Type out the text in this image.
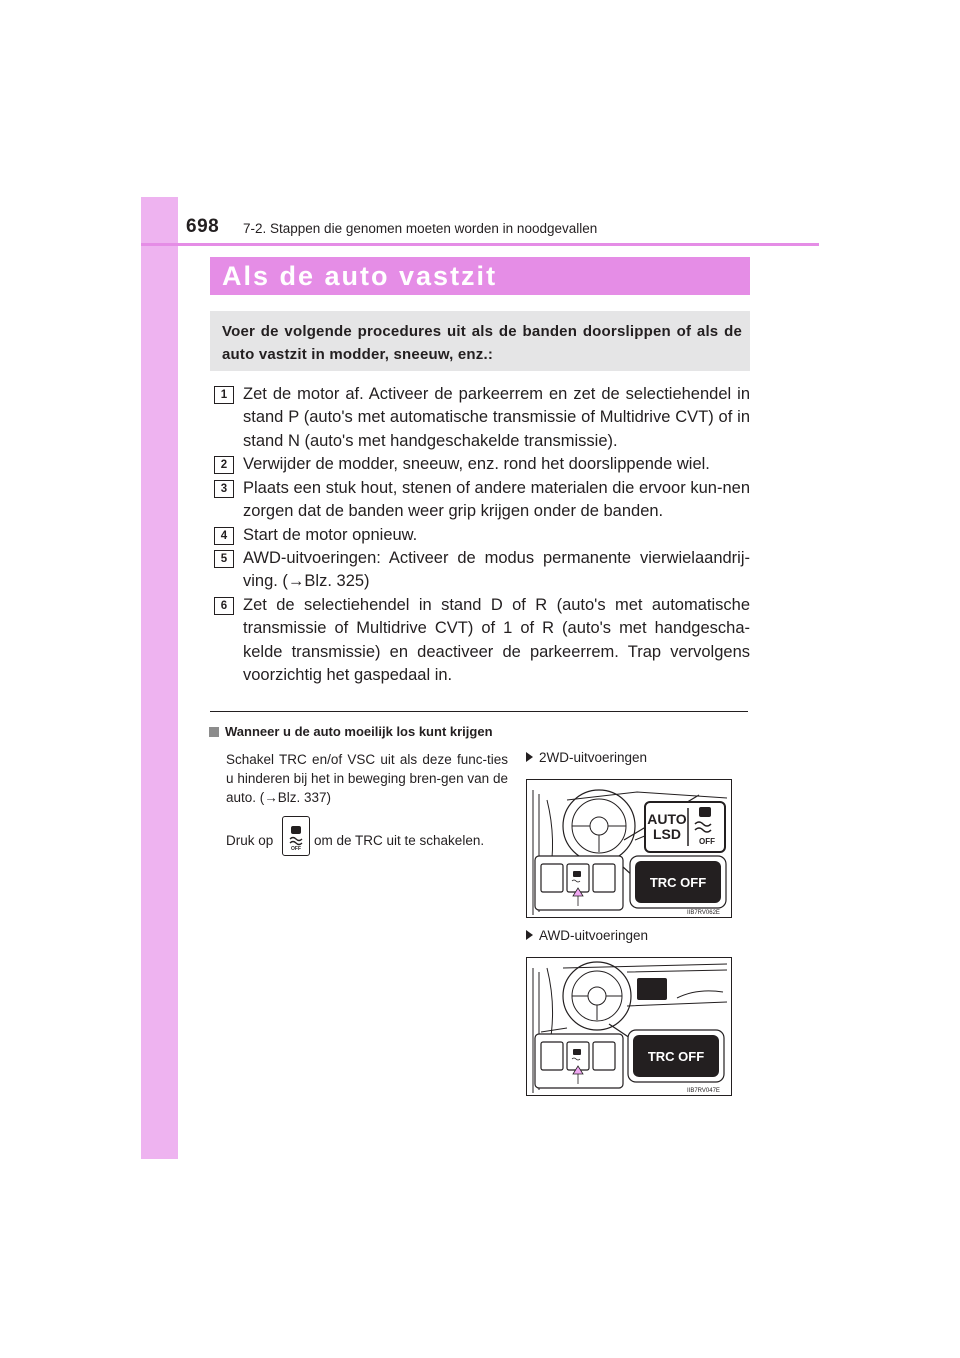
698 7-2. Stappen die genomen moeten worden in noodgevallen
Als de auto vastzit
Voer de volgende procedures uit als de banden doorslippen of als de auto vastzit in modder, sneeuw, enz.:
1 Zet de motor af. Activeer de parkeerrem en zet de selectiehendel in stand P (auto's met automatische transmissie of Multidrive CVT) of in stand N (auto's met handgeschakelde transmissie).
2 Verwijder de modder, sneeuw, enz. rond het doorslippende wiel.
3 Plaats een stuk hout, stenen of andere materialen die ervoor kun-nen zorgen dat de banden weer grip krijgen onder de banden.
4 Start de motor opnieuw.
5 AWD-uitvoeringen: Activeer de modus permanente vierwielaandrij-ving. (→Blz. 325)
6 Zet de selectiehendel in stand D of R (auto's met automatische transmissie of Multidrive CVT) of 1 of R (auto's met handgescha-kelde transmissie) en deactiveer de parkeerrem. Trap vervolgens voorzichtig het gaspedaal in.
Wanneer u de auto moeilijk los kunt krijgen
Schakel TRC en/of VSC uit als deze func-ties u hinderen bij het in beweging bren-gen van de auto. (→Blz. 337)
Druk op
OFF
om de TRC uit te schakelen.
2WD-uitvoeringen
AUTO
LSD OFF
TRC OFF
IIB7RV062E
AWD-uitvoeringen
TRC OFF
IIB7RV047E
